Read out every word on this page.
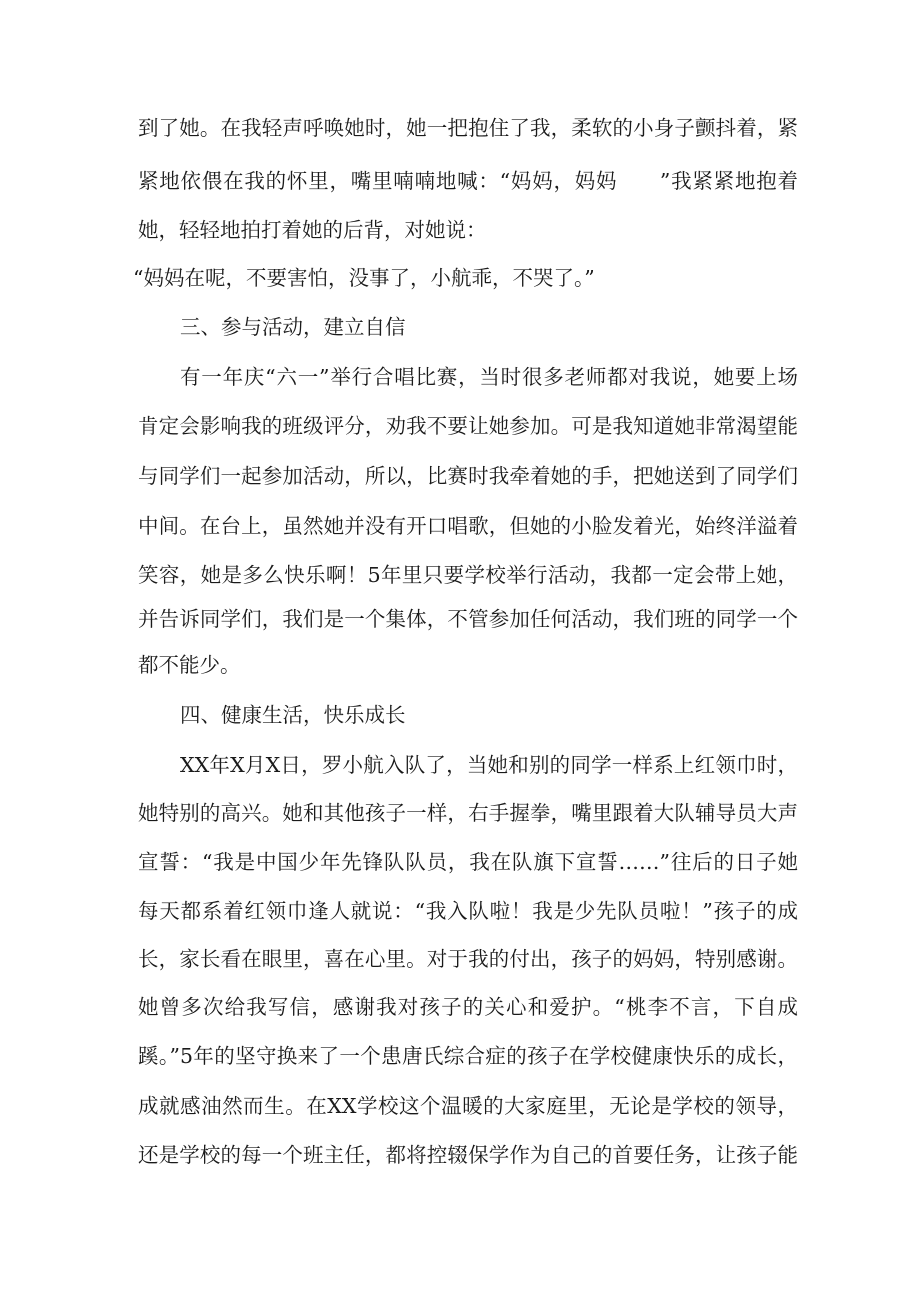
到了她。在我轻声呼唤她时，她一把抱住了我，柔软的小身子颤抖着，紧
紧地依偎在我的怀里，嘴里喃喃地喊：“妈妈，妈妈　　”我紧紧地抱着
她，轻轻地拍打着她的后背，对她说：
“妈妈在呢，不要害怕，没事了，小航乖，不哭了。”
三、参与活动，建立自信
有一年庆“六一”举行合唱比赛，当时很多老师都对我说，她要上场
肯定会影响我的班级评分，劝我不要让她参加。可是我知道她非常渴望能
与同学们一起参加活动，所以，比赛时我牵着她的手，把她送到了同学们
中间。在台上，虽然她并没有开口唱歌，但她的小脸发着光，始终洋溢着
笑容，她是多么快乐啊！5年里只要学校举行活动，我都一定会带上她，
并告诉同学们，我们是一个集体，不管参加任何活动，我们班的同学一个
都不能少。
四、健康生活，快乐成长
XX年X月X日，罗小航入队了，当她和别的同学一样系上红领巾时，
她特别的高兴。她和其他孩子一样，右手握拳，嘴里跟着大队辅导员大声
宣誓：“我是中国少年先锋队队员，我在队旗下宣誓……”往后的日子她
每天都系着红领巾逢人就说：“我入队啦！我是少先队员啦！”孩子的成
长，家长看在眼里，喜在心里。对于我的付出，孩子的妈妈，特别感谢。
她曾多次给我写信，感谢我对孩子的关心和爱护。“桃李不言，下自成
蹊。”5年的坚守换来了一个患唐氏综合症的孩子在学校健康快乐的成长，
成就感油然而生。在XX学校这个温暖的大家庭里，无论是学校的领导，
还是学校的每一个班主任，都将控辍保学作为自己的首要任务，让孩子能
